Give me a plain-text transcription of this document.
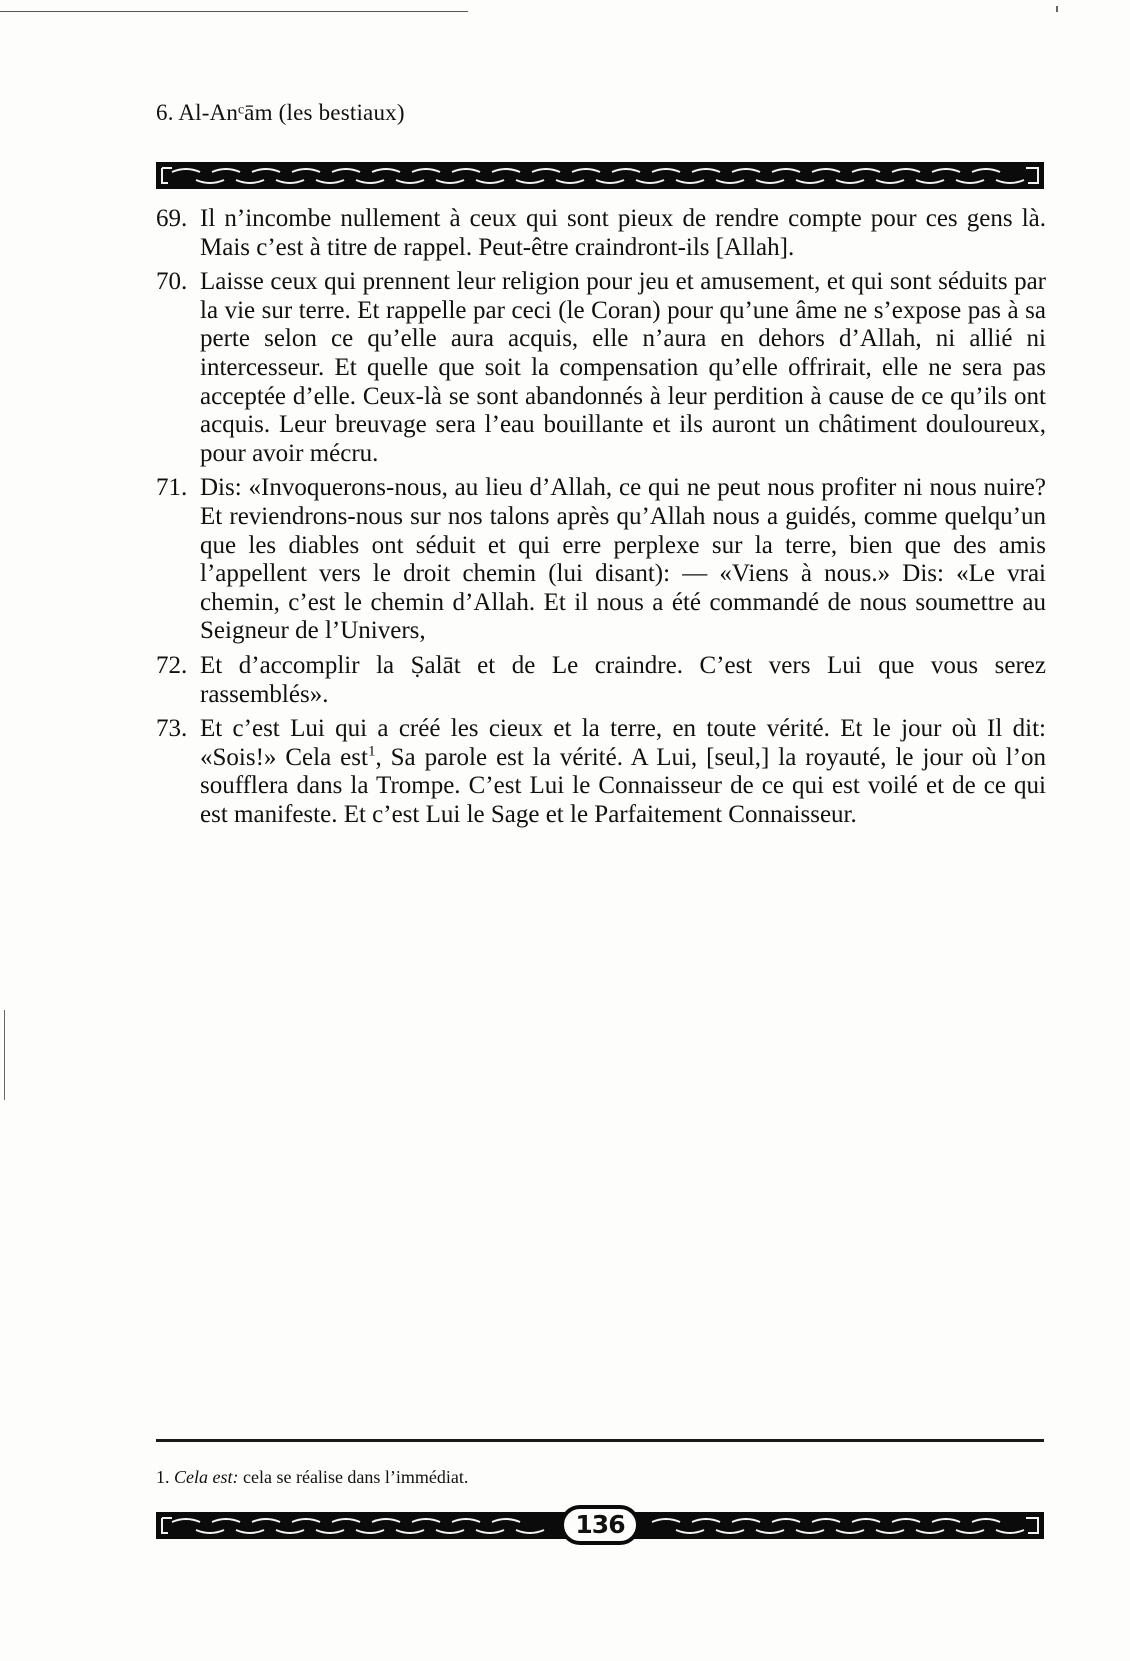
6. Al-Anᶜām (les bestiaux)
69. Il n’incombe nullement à ceux qui sont pieux de rendre compte pour ces gens là. Mais c’est à titre de rappel. Peut-être craindront-ils [Allah].
70. Laisse ceux qui prennent leur religion pour jeu et amusement, et qui sont séduits par la vie sur terre. Et rappelle par ceci (le Coran) pour qu’une âme ne s’expose pas à sa perte selon ce qu’elle aura acquis, elle n’aura en dehors d’Allah, ni allié ni intercesseur. Et quelle que soit la compensation qu’elle offrirait, elle ne sera pas acceptée d’elle. Ceux-là se sont abandonnés à leur perdition à cause de ce qu’ils ont acquis. Leur breuvage sera l’eau bouillante et ils auront un châtiment douloureux, pour avoir mécru.
71. Dis: «Invoquerons-nous, au lieu d’Allah, ce qui ne peut nous profiter ni nous nuire? Et reviendrons-nous sur nos talons après qu’Allah nous a guidés, comme quelqu’un que les diables ont séduit et qui erre perplexe sur la terre, bien que des amis l’appellent vers le droit chemin (lui disant): — «Viens à nous.» Dis: «Le vrai chemin, c’est le chemin d’Allah. Et il nous a été commandé de nous soumettre au Seigneur de l’Univers,
72. Et d’accomplir la Ṣalāt et de Le craindre. C’est vers Lui que vous serez rassemblés».
73. Et c’est Lui qui a créé les cieux et la terre, en toute vérité. Et le jour où Il dit: «Sois!» Cela est$^1$, Sa parole est la vérité. A Lui, [seul,] la royauté, le jour où l’on soufflera dans la Trompe. C’est Lui le Connaisseur de ce qui est voilé et de ce qui est manifeste. Et c’est Lui le Sage et le Parfaitement Connaisseur.
1. Cela est: cela se réalise dans l’immédiat.
136
